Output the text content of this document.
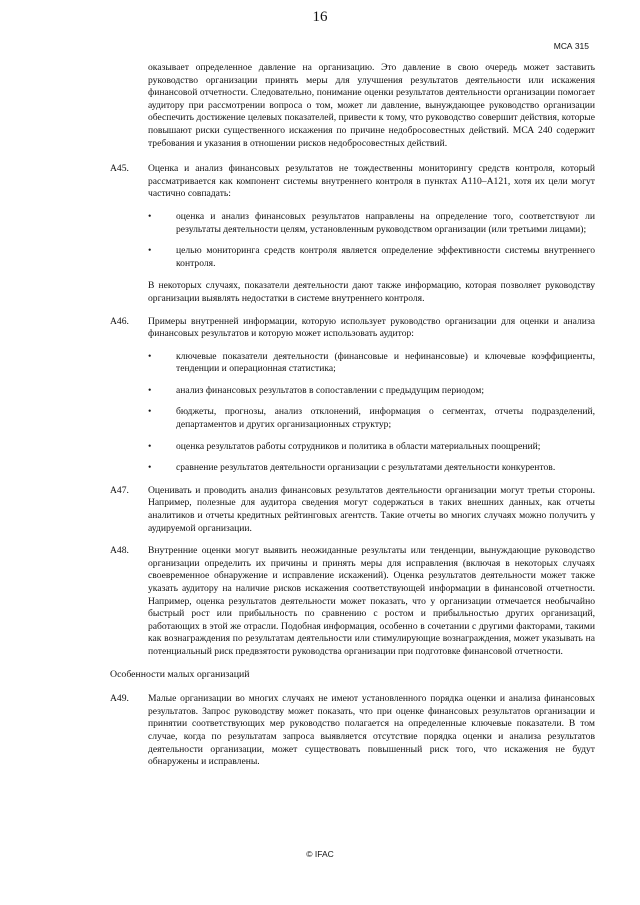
16
МСА 315

оказывает определенное давление на организацию. Это давление в свою очередь может заставить руководство организации принять меры для улучшения результатов деятельности или искажения финансовой отчетности. Следовательно, понимание оценки результатов деятельности организации помогает аудитору при рассмотрении вопроса о том, может ли давление, вынуждающее руководство организации обеспечить достижение целевых показателей, привести к тому, что руководство совершит действия, которые повышают риски существенного искажения по причине недобросовестных действий. МСА 240 содержит требования и указания в отношении рисков недобросовестных действий.

A45.	Оценка и анализ финансовых результатов не тождественны мониторингу средств контроля, который рассматривается как компонент системы внутреннего контроля в пунктах A110–A121, хотя их цели могут частично совпадать:

•	оценка и анализ финансовых результатов направлены на определение того, соответствуют ли результаты деятельности целям, установленным руководством организации (или третьими лицами);
•	целью мониторинга средств контроля является определение эффективности системы внутреннего контроля.

В некоторых случаях, показатели деятельности дают также информацию, которая позволяет руководству организации выявлять недостатки в системе внутреннего контроля.

A46.	Примеры внутренней информации, которую использует руководство организации для оценки и анализа финансовых результатов и которую может использовать аудитор:

•	ключевые показатели деятельности (финансовые и нефинансовые) и ключевые коэффициенты, тенденции и операционная статистика;
•	анализ финансовых результатов в сопоставлении с предыдущим периодом;
•	бюджеты, прогнозы, анализ отклонений, информация о сегментах, отчеты подразделений, департаментов и других организационных структур;
•	оценка результатов работы сотрудников и политика в области материальных поощрений;
•	сравнение результатов деятельности организации с результатами деятельности конкурентов.
A47.	Оценивать и проводить анализ финансовых результатов деятельности организации могут третьи стороны. Например, полезные для аудитора сведения могут содержаться в таких внешних данных, как отчеты аналитиков и отчеты кредитных рейтинговых агентств. Такие отчеты во многих случаях можно получить у аудируемой организации.

A48.	Внутренние оценки могут выявить неожиданные результаты или тенденции, вынуждающие руководство организации определить их причины и принять меры для исправления (включая в некоторых случаях своевременное обнаружение и исправление искажений). Оценка результатов деятельности может также указать аудитору на наличие рисков искажения соответствующей информации в финансовой отчетности. Например, оценка результатов деятельности может показать, что у организации отмечается необычайно быстрый рост или прибыльность по сравнению с ростом и прибыльностью других организаций, работающих в этой же отрасли. Подобная информация, особенно в сочетании с другими факторами, такими как вознаграждения по результатам деятельности или стимулирующие вознаграждения, может указывать на потенциальный риск предвзятости руководства организации при подготовке финансовой отчетности.

Особенности малых организаций
A49.	Малые организации во многих случаях не имеют установленного порядка оценки и анализа финансовых результатов. Запрос руководству может показать, что при оценке финансовых результатов организации и принятии соответствующих мер руководство полагается на определенные ключевые показатели. В том случае, когда по результатам запроса выявляется отсутствие порядка оценки и анализа результатов деятельности организации, может существовать повышенный риск того, что искажения не будут обнаружены и исправлены.

© IFAC
